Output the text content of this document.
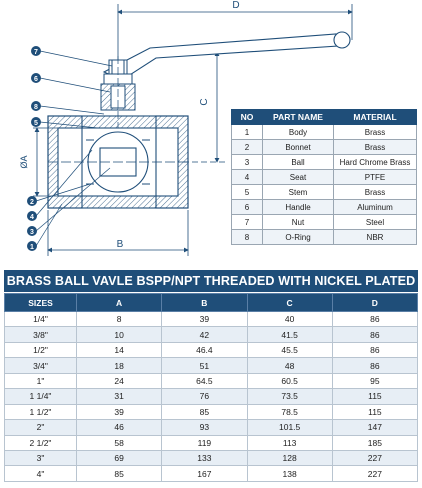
D
C
ØA
B
7
6
8
5
2
4
3
1
NO	PART NAME	MATERIAL
1	Body	Brass
2	Bonnet	Brass
3	Ball	Hard Chrome Brass
4	Seat	PTFE
5	Stem	Brass
6	Handle	Aluminum
7	Nut	Steel
8	O-Ring	NBR
BRASS BALL VAVLE BSPP/NPT THREADED WITH NICKEL PLATED
SIZES	A	B	C	D
1/4"	8	39	40	86
3/8"	10	42	41.5	86
1/2"	14	46.4	45.5	86
3/4"	18	51	48	86
1"	24	64.5	60.5	95
1 1/4"	31	76	73.5	115
1 1/2"	39	85	78.5	115
2"	46	93	101.5	147
2 1/2"	58	119	113	185
3"	69	133	128	227
4"	85	167	138	227
